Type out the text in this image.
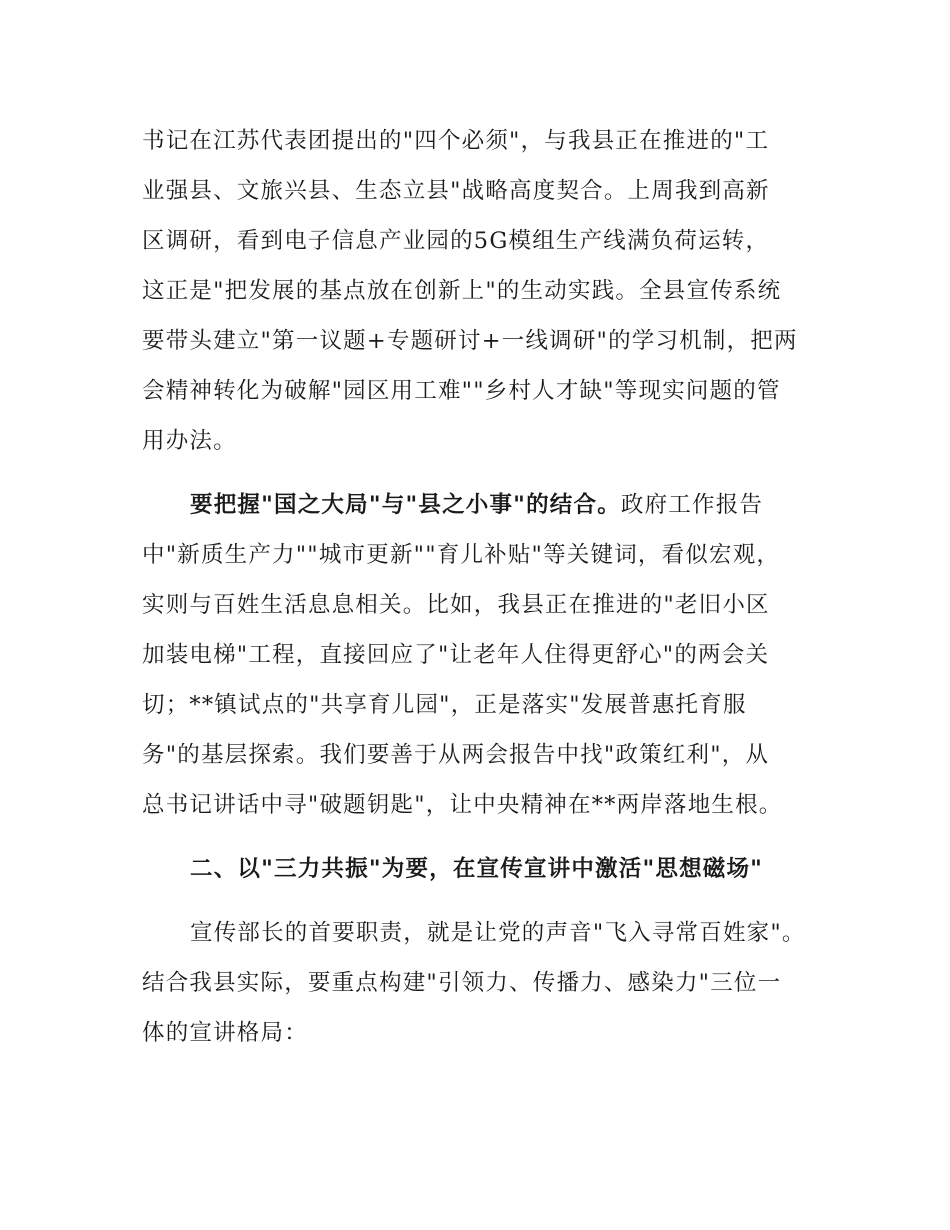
书记在江苏代表团提出的"四个必须"，与我县正在推进的"工
业强县、文旅兴县、生态立县"战略高度契合。上周我到高新
区调研，看到电子信息产业园的5G模组生产线满负荷运转，
这正是"把发展的基点放在创新上"的生动实践。全县宣传系统
要带头建立"第一议题+专题研讨+一线调研"的学习机制，把两
会精神转化为破解"园区用工难""乡村人才缺"等现实问题的管
用办法。
要把握"国之大局"与"县之小事"的结合。政府工作报告
中"新质生产力""城市更新""育儿补贴"等关键词，看似宏观，
实则与百姓生活息息相关。比如，我县正在推进的"老旧小区
加装电梯"工程，直接回应了"让老年人住得更舒心"的两会关
切；**镇试点的"共享育儿园"，正是落实"发展普惠托育服
务"的基层探索。我们要善于从两会报告中找"政策红利"，从
总书记讲话中寻"破题钥匙"，让中央精神在**两岸落地生根。
二、以"三力共振"为要，在宣传宣讲中激活"思想磁场"
宣传部长的首要职责，就是让党的声音"飞入寻常百姓家"。
结合我县实际，要重点构建"引领力、传播力、感染力"三位一
体的宣讲格局：
